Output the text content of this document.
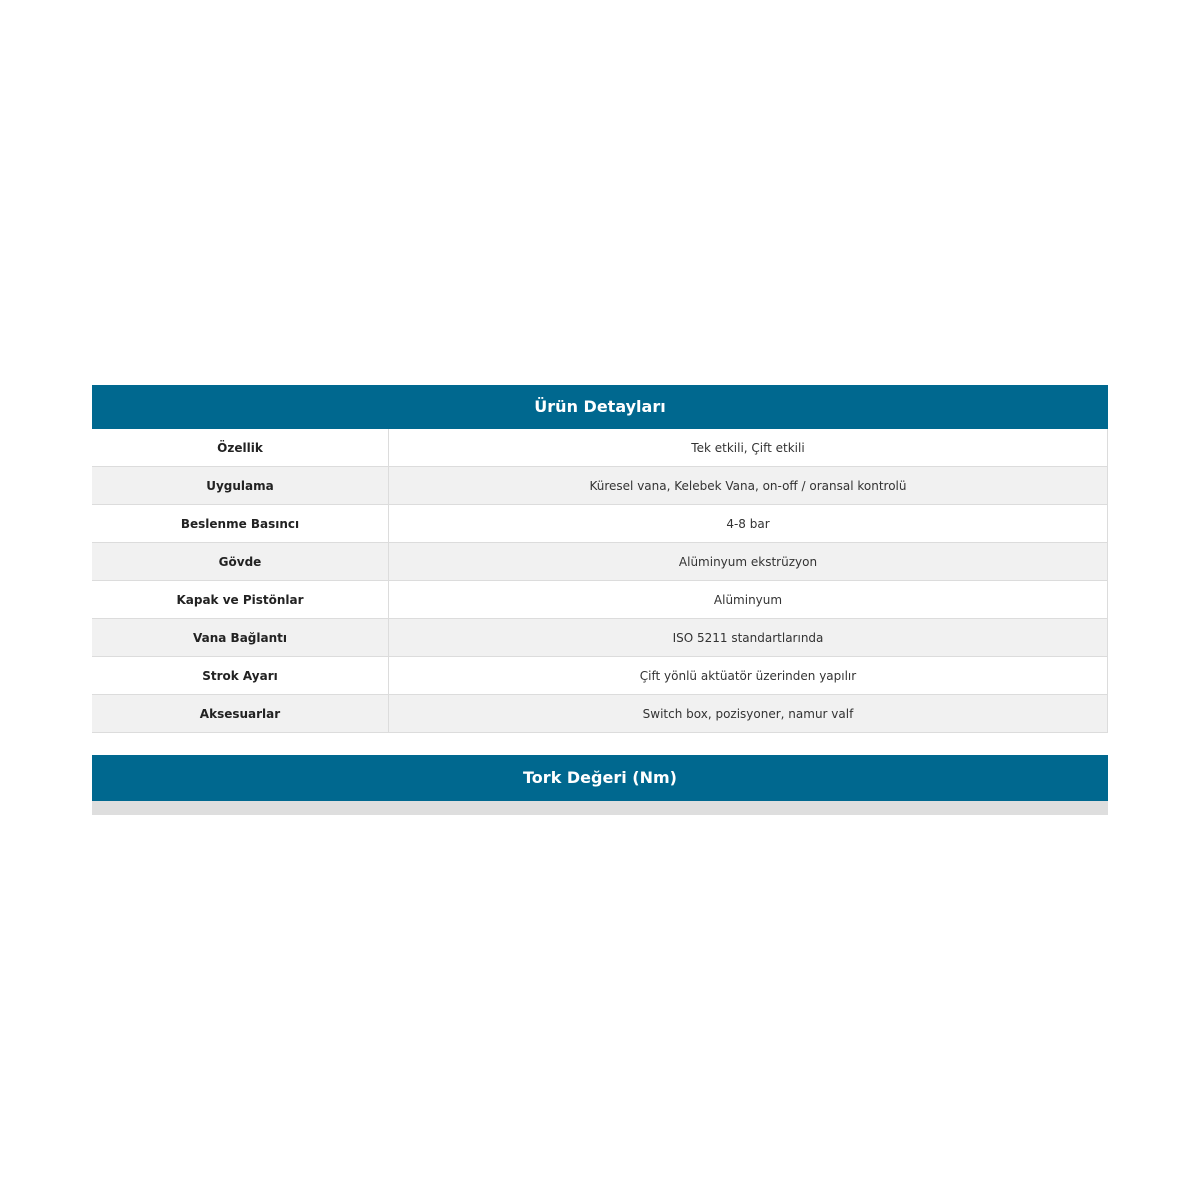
Ürün Detayları
Özellik	Tek etkili, Çift etkili
Uygulama	Küresel vana, Kelebek Vana, on-off / oransal kontrolü
Beslenme Basıncı	4-8 bar
Gövde	Alüminyum ekstrüzyon
Kapak ve Pistönlar	Alüminyum
Vana Bağlantı	ISO 5211 standartlarında
Strok Ayarı	Çift yönlü aktüatör üzerinden yapılır
Aksesuarlar	Switch box, pozisyoner, namur valf
Tork Değeri (Nm)
